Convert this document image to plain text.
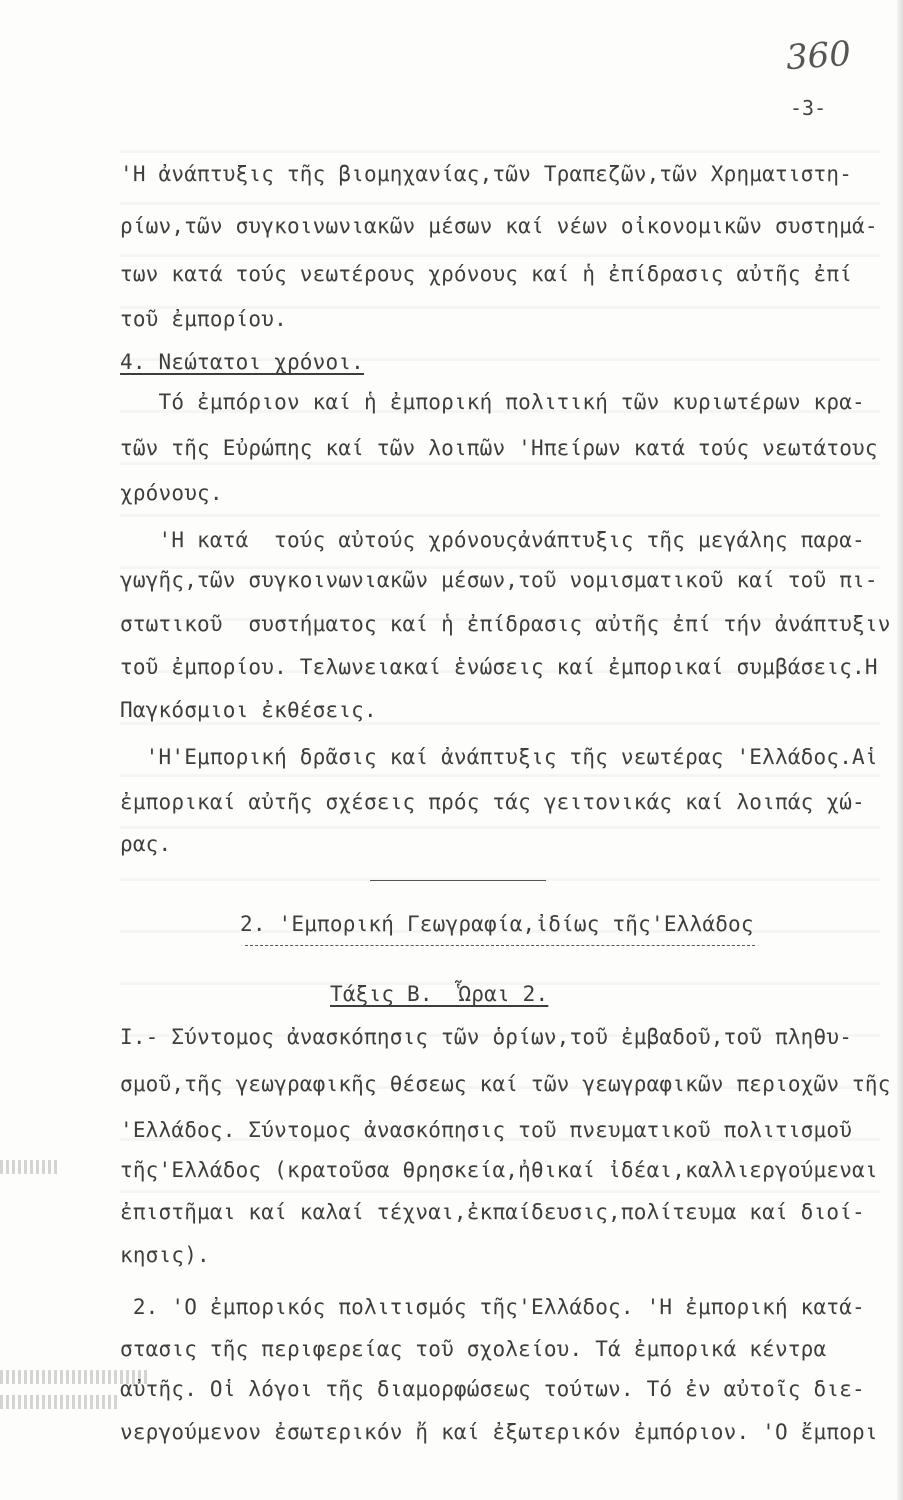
360
-3-
'Η ἀνάπτυξις τῆς βιομηχανίας,τῶν Τραπεζῶν,τῶν Χρηματιστη-
ρίων,τῶν συγκοινωνιακῶν μέσων καί νέων οἰκονομικῶν συστημά-
των κατά τούς νεωτέρους χρόνους καί ἡ ἐπίδρασις αὐτῆς ἐπί
τοῦ ἐμπορίου.
4. Νεώτατοι χρόνοι.
Τό ἐμπόριον καί ἡ ἐμπορική πολιτική τῶν κυριωτέρων κρα-
τῶν τῆς Εὐρώπης καί τῶν λοιπῶν 'Ηπείρων κατά τούς νεωτάτους
χρόνους.
'Η κατά  τούς αὐτούς χρόνουςἀνάπτυξις τῆς μεγάλης παρα-
γωγῆς,τῶν συγκοινωνιακῶν μέσων,τοῦ νομισματικοῦ καί τοῦ πι-
στωτικοῦ  συστήματος καί ἡ ἐπίδρασις αὐτῆς ἐπί τήν ἀνάπτυξιν
τοῦ ἐμπορίου. Τελωνειακαί ἑνώσεις καί ἐμπορικαί συμβάσεις.Η
Παγκόσμιοι ἐκθέσεις.
'Η'Εμπορική δρᾶσις καί ἀνάπτυξις τῆς νεωτέρας 'Ελλάδος.Αἱ
ἐμπορικαί αὐτῆς σχέσεις πρός τάς γειτονικάς καί λοιπάς χώ-
ρας.
2. 'Εμπορική Γεωγραφία,ἰδίως τῆς'Ελλάδος
Τάξις Β.  Ὧραι 2.
Ι.- Σύντομος ἀνασκόπησις τῶν ὁρίων,τοῦ ἐμβαδοῦ,τοῦ πληθυ-
σμοῦ,τῆς γεωγραφικῆς θέσεως καί τῶν γεωγραφικῶν περιοχῶν τῆς
'Ελλάδος. Σύντομος ἀνασκόπησις τοῦ πνευματικοῦ πολιτισμοῦ
τῆς'Ελλάδος (κρατοῦσα θρησκεία,ἠθικαί ἰδέαι,καλλιεργούμεναι
ἐπιστῆμαι καί καλαί τέχναι,ἐκπαίδευσις,πολίτευμα καί διοί-
κησις).
2. 'Ο ἐμπορικός πολιτισμός τῆς'Ελλάδος. 'Η ἐμπορική κατά-
στασις τῆς περιφερείας τοῦ σχολείου. Τά ἐμπορικά κέντρα
αὐτῆς. Οἱ λόγοι τῆς διαμορφώσεως τούτων. Τό ἐν αὐτοῖς διε-
νεργούμενον ἐσωτερικόν ἤ καί ἐξωτερικόν ἐμπόριον. 'Ο ἔμπορι
